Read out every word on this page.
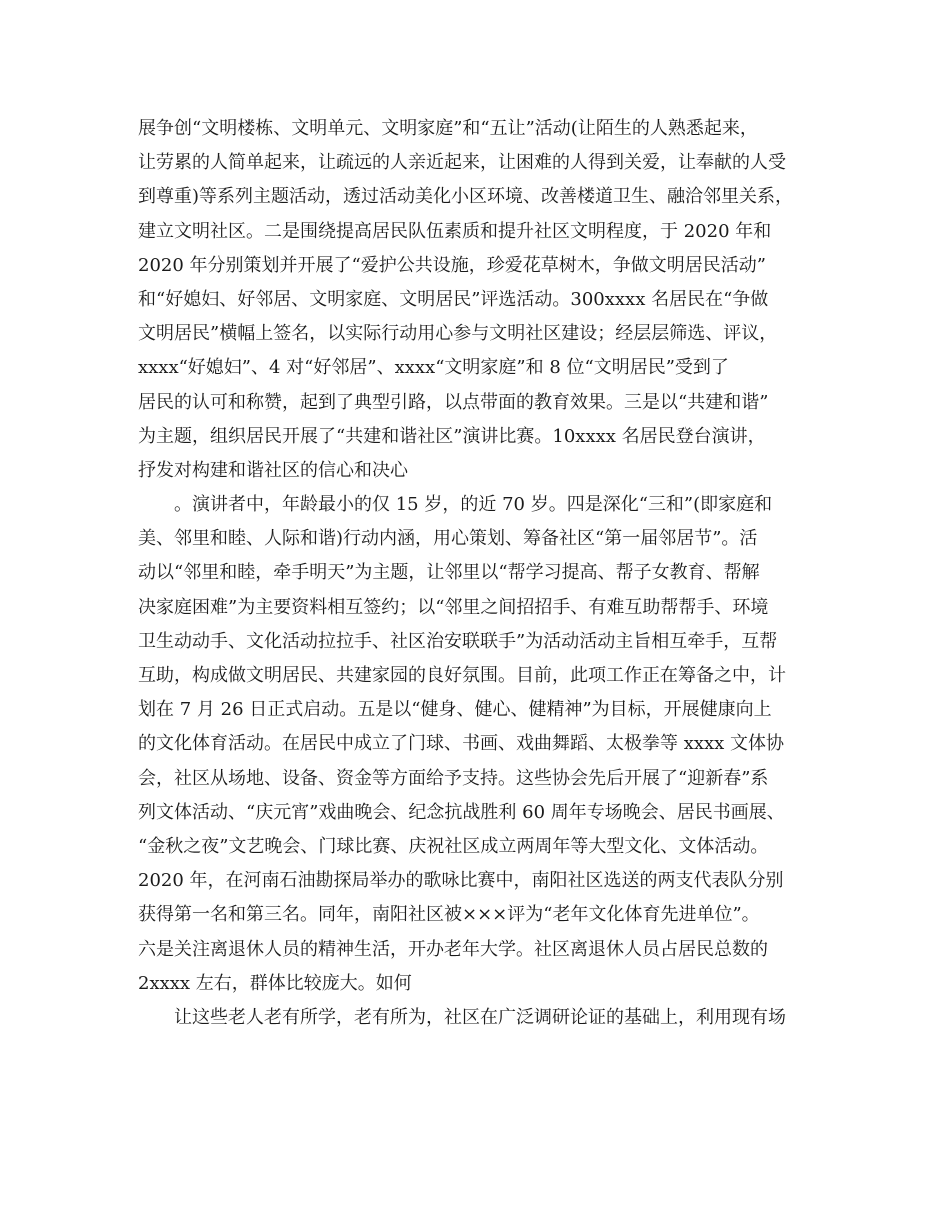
展争创“文明楼栋、文明单元、文明家庭”和“五让”活动(让陌生的人熟悉起来，
让劳累的人简单起来，让疏远的人亲近起来，让困难的人得到关爱，让奉献的人受
到尊重)等系列主题活动，透过活动美化小区环境、改善楼道卫生、融洽邻里关系，
建立文明社区。二是围绕提高居民队伍素质和提升社区文明程度，于 2020 年和
2020 年分别策划并开展了“爱护公共设施，珍爱花草树木，争做文明居民活动”
和“好媳妇、好邻居、文明家庭、文明居民”评选活动。300xxxx 名居民在“争做
文明居民”横幅上签名，以实际行动用心参与文明社区建设；经层层筛选、评议，
xxxx“好媳妇”、4 对“好邻居”、xxxx“文明家庭”和 8 位“文明居民”受到了
居民的认可和称赞，起到了典型引路，以点带面的教育效果。三是以“共建和谐”
为主题，组织居民开展了“共建和谐社区”演讲比赛。10xxxx 名居民登台演讲，
抒发对构建和谐社区的信心和决心
。演讲者中，年龄最小的仅 15 岁，的近 70 岁。四是深化“三和”(即家庭和
美、邻里和睦、人际和谐)行动内涵，用心策划、筹备社区“第一届邻居节”。活
动以“邻里和睦，牵手明天”为主题，让邻里以“帮学习提高、帮子女教育、帮解
决家庭困难”为主要资料相互签约；以“邻里之间招招手、有难互助帮帮手、环境
卫生动动手、文化活动拉拉手、社区治安联联手”为活动活动主旨相互牵手，互帮
互助，构成做文明居民、共建家园的良好氛围。目前，此项工作正在筹备之中，计
划在 7 月 26 日正式启动。五是以“健身、健心、健精神”为目标，开展健康向上
的文化体育活动。在居民中成立了门球、书画、戏曲舞蹈、太极拳等 xxxx 文体协
会，社区从场地、设备、资金等方面给予支持。这些协会先后开展了“迎新春”系
列文体活动、“庆元宵”戏曲晚会、纪念抗战胜利 60 周年专场晚会、居民书画展、
“金秋之夜”文艺晚会、门球比赛、庆祝社区成立两周年等大型文化、文体活动。
2020 年，在河南石油勘探局举办的歌咏比赛中，南阳社区选送的两支代表队分别
获得第一名和第三名。同年，南阳社区被×××评为“老年文化体育先进单位”。
六是关注离退休人员的精神生活，开办老年大学。社区离退休人员占居民总数的
2xxxx 左右，群体比较庞大。如何
让这些老人老有所学，老有所为，社区在广泛调研论证的基础上，利用现有场
